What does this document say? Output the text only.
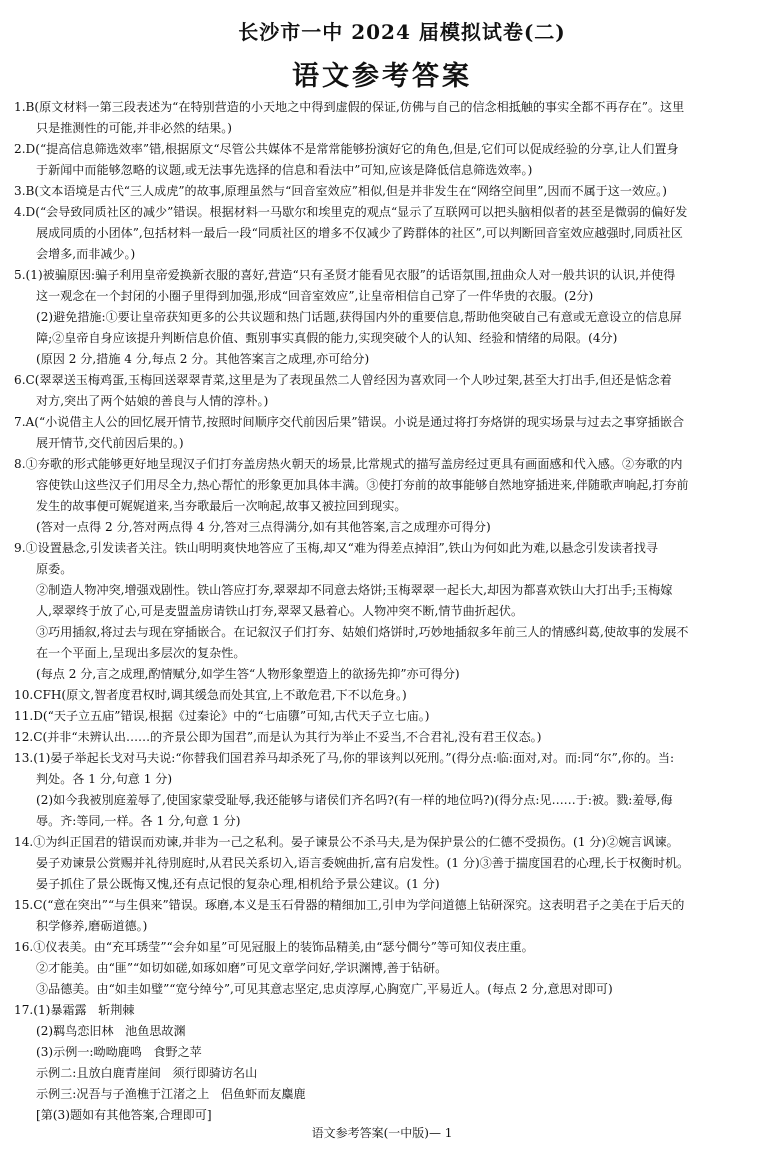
长沙市一中 2024 届模拟试卷(二)
语文参考答案
1.B(原文材料一第三段表述为“在特别营造的小天地之中得到虚假的保证,仿佛与自己的信念相抵触的事实全都不再存在”。这里
只是推测性的可能,并非必然的结果。)
2.D(“提高信息筛选效率”错,根据原文“尽管公共媒体不是常常能够扮演好它的角色,但是,它们可以促成经验的分享,让人们置身
于新闻中而能够忽略的议题,或无法事先选择的信息和看法中”可知,应该是降低信息筛选效率。)
3.B(文本语境是古代“三人成虎”的故事,原理虽然与“回音室效应”相似,但是并非发生在“网络空间里”,因而不属于这一效应。)
4.D(“会导致同质社区的减少”错误。根据材料一马歇尔和埃里克的观点“显示了互联网可以把头脑相似者的甚至是微弱的偏好发
展成同质的小团体”,包括材料一最后一段“同质社区的增多不仅减少了跨群体的社区”,可以判断回音室效应越强时,同质社区
会增多,而非减少。)
5.(1)被骗原因:骗子利用皇帝爱换新衣服的喜好,营造“只有圣贤才能看见衣服”的话语氛围,扭曲众人对一般共识的认识,并使得
这一观念在一个封闭的小圈子里得到加强,形成“回音室效应”,让皇帝相信自己穿了一件华贵的衣服。(2分)
(2)避免措施:①要让皇帝获知更多的公共议题和热门话题,获得国内外的重要信息,帮助他突破自己有意或无意设立的信息屏
障;②皇帝自身应该提升判断信息价值、甄别事实真假的能力,实现突破个人的认知、经验和情绪的局限。(4分)
(原因 2 分,措施 4 分,每点 2 分。其他答案言之成理,亦可给分)
6.C(翠翠送玉梅鸡蛋,玉梅回送翠翠青菜,这里是为了表现虽然二人曾经因为喜欢同一个人吵过架,甚至大打出手,但还是惦念着
对方,突出了两个姑娘的善良与人情的淳朴。)
7.A(“小说借主人公的回忆展开情节,按照时间顺序交代前因后果”错误。小说是通过将打夯烙饼的现实场景与过去之事穿插嵌合
展开情节,交代前因后果的。)
8.①夯歌的形式能够更好地呈现汉子们打夯盖房热火朝天的场景,比常规式的描写盖房经过更具有画面感和代入感。②夯歌的内
容使铁山这些汉子们用尽全力,热心帮忙的形象更加具体丰满。③使打夯前的故事能够自然地穿插进来,伴随歌声响起,打夯前
发生的故事便可娓娓道来,当夯歌最后一次响起,故事又被拉回到现实。
(答对一点得 2 分,答对两点得 4 分,答对三点得满分,如有其他答案,言之成理亦可得分)
9.①设置悬念,引发读者关注。铁山明明爽快地答应了玉梅,却又“难为得差点掉泪”,铁山为何如此为难,以悬念引发读者找寻
原委。
②制造人物冲突,增强戏剧性。铁山答应打夯,翠翠却不同意去烙饼;玉梅翠翠一起长大,却因为都喜欢铁山大打出手;玉梅嫁
人,翠翠终于放了心,可是麦盟盖房请铁山打夯,翠翠又悬着心。人物冲突不断,情节曲折起伏。
③巧用插叙,将过去与现在穿插嵌合。在记叙汉子们打夯、姑娘们烙饼时,巧妙地插叙多年前三人的情感纠葛,使故事的发展不
在一个平面上,呈现出多层次的复杂性。
(每点 2 分,言之成理,酌情赋分,如学生答“人物形象塑造上的欲扬先抑”亦可得分)
10.CFH(原文,智者度君权时,调其缓急而处其宜,上不敢危君,下不以危身。)
11.D(“天子立五庙”错误,根据《过秦论》中的“七庙隳”可知,古代天子立七庙。)
12.C(并非“未辨认出……的齐景公即为国君”,而是认为其行为举止不妥当,不合君礼,没有君王仪态。)
13.(1)晏子举起长戈对马夫说:“你替我们国君养马却杀死了马,你的罪该判以死刑。”(得分点:临:面对,对。而:同“尔”,你的。当:
判处。各 1 分,句意 1 分)
(2)如今我被別庭羞辱了,使国家蒙受耻辱,我还能够与诸侯们齐名吗?(有一样的地位吗?)(得分点:见……于:被。戮:羞辱,侮
辱。齐:等同,一样。各 1 分,句意 1 分)
14.①为纠正国君的错误而劝谏,并非为一己之私利。晏子谏景公不杀马夫,是为保护景公的仁德不受损伤。(1 分)②婉言讽谏。
晏子劝谏景公赏赐并礼待別庭时,从君民关系切入,语言委婉曲折,富有启发性。(1 分)③善于揣度国君的心理,长于权衡时机。
晏子抓住了景公既悔又愧,还有点记恨的复杂心理,相机给予景公建议。(1 分)
15.C(“意在突出”“与生俱来”错误。琢磨,本义是玉石骨器的精细加工,引申为学问道德上钻研深究。这表明君子之美在于后天的
积学修养,磨砺道德。)
16.①仪表美。由“充耳琇莹”“会弁如星”可见冠服上的装饰品精美,由“瑟兮僴兮”等可知仪表庄重。
②才能美。由“匪”“如切如磋,如琢如磨”可见文章学问好,学识渊博,善于钻研。
③品德美。由“如圭如璧”“宽兮绰兮”,可见其意志坚定,忠贞淳厚,心胸宽广,平易近人。(每点 2 分,意思对即可)
17.(1)暴霜露   斩荆棘
(2)羁鸟恋旧林   池鱼思故渊
(3)示例一:呦呦鹿鸣   食野之苹
示例二:且放白鹿青崖间   须行即骑访名山
示例三:况吾与子渔樵于江渚之上   侣鱼虾而友麋鹿
[第(3)题如有其他答案,合理即可]
语文参考答案(一中版)— 1
